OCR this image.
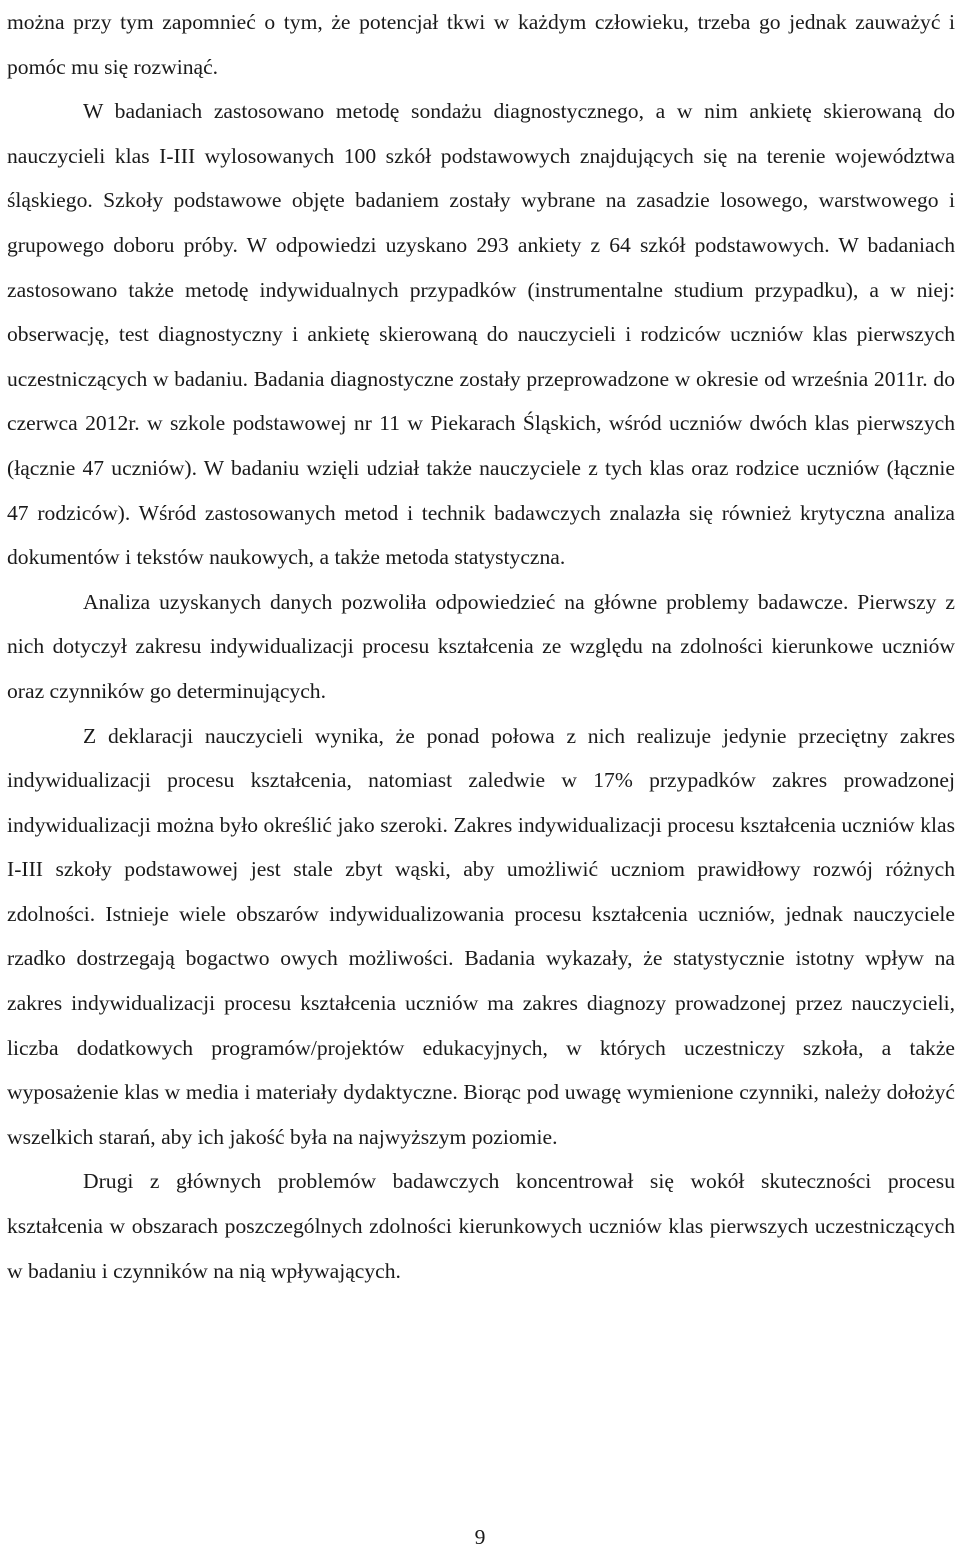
można przy tym zapomnieć o tym, że potencjał tkwi w każdym człowieku, trzeba go jednak zauważyć i pomóc mu się rozwinąć.

W badaniach zastosowano metodę sondażu diagnostycznego, a w nim ankietę skierowaną do nauczycieli klas I-III wylosowanych 100 szkół podstawowych znajdujących się na terenie województwa śląskiego. Szkoły podstawowe objęte badaniem zostały wybrane na zasadzie losowego, warstwowego i grupowego doboru próby. W odpowiedzi uzyskano 293 ankiety z 64 szkół podstawowych. W badaniach zastosowano także metodę indywidualnych przypadków (instrumentalne studium przypadku), a w niej: obserwację, test diagnostyczny i ankietę skierowaną do nauczycieli i rodziców uczniów klas pierwszych uczestniczących w badaniu. Badania diagnostyczne zostały przeprowadzone w okresie od września 2011r. do czerwca 2012r. w szkole podstawowej nr 11 w Piekarach Śląskich, wśród uczniów dwóch klas pierwszych (łącznie 47 uczniów). W badaniu wzięli udział także nauczyciele z tych klas oraz rodzice uczniów (łącznie 47 rodziców). Wśród zastosowanych metod i technik badawczych znalazła się również krytyczna analiza dokumentów i tekstów naukowych, a także metoda statystyczna.

Analiza uzyskanych danych pozwoliła odpowiedzieć na główne problemy badawcze. Pierwszy z nich dotyczył zakresu indywidualizacji procesu kształcenia ze względu na zdolności kierunkowe uczniów oraz czynników go determinujących.

Z deklaracji nauczycieli wynika, że ponad połowa z nich realizuje jedynie przeciętny zakres indywidualizacji procesu kształcenia, natomiast zaledwie w 17% przypadków zakres prowadzonej indywidualizacji można było określić jako szeroki. Zakres indywidualizacji procesu kształcenia uczniów klas I-III szkoły podstawowej jest stale zbyt wąski, aby umożliwić uczniom prawidłowy rozwój różnych zdolności. Istnieje wiele obszarów indywidualizowania procesu kształcenia uczniów, jednak nauczyciele rzadko dostrzegają bogactwo owych możliwości. Badania wykazały, że statystycznie istotny wpływ na zakres indywidualizacji procesu kształcenia uczniów ma zakres diagnozy prowadzonej przez nauczycieli, liczba dodatkowych programów/projektów edukacyjnych, w których uczestniczy szkoła, a także wyposażenie klas w media i materiały dydaktyczne. Biorąc pod uwagę wymienione czynniki, należy dołożyć wszelkich starań, aby ich jakość była na najwyższym poziomie.

Drugi z głównych problemów badawczych koncentrował się wokół skuteczności procesu kształcenia w obszarach poszczególnych zdolności kierunkowych uczniów klas pierwszych uczestniczących w badaniu i czynników na nią wpływających.

9
